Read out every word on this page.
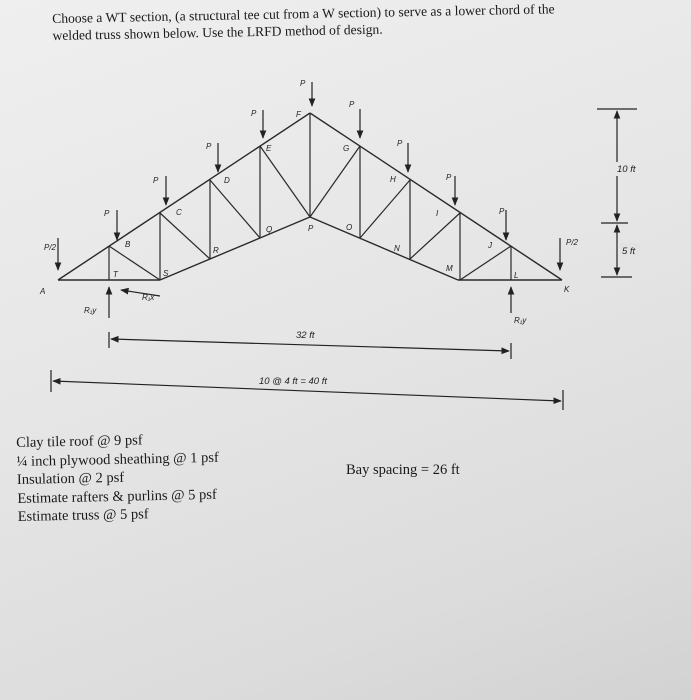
Choose a WT section, (a structural tee cut from a W section) to serve as a lower chord of the

welded truss shown below. Use the LRFD method of design.

P/2
P
P
P
P
P
P
P
P
P
P/2
A
B
C
D
E
F
G
H
I
J
K
L
M
N
O
P
Q
R
S
T
R₁y
R₁x
R₁y
32 ft
10 @ 4 ft = 40 ft
10 ft
5 ft
Clay tile roof @ 9 psf
¼ inch plywood sheathing @ 1 psf
Insulation @ 2 psf
Estimate rafters & purlins @ 5 psf
Estimate truss @ 5 psf
Bay spacing = 26 ft
